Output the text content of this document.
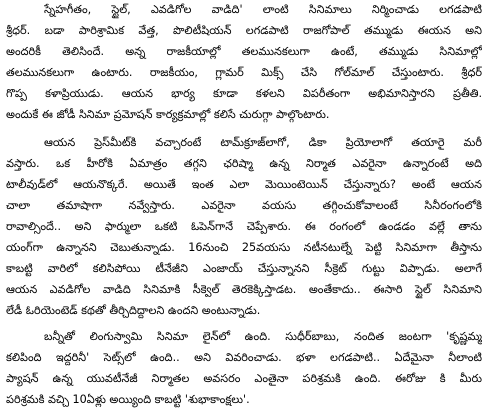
స్నేహగీతం, స్టైల్, ఎవడిగోల వాడిది' లాంటి సినిమాలు నిర్మించాడు లగడపాటి
శ్రీధర్. బడా పారిశ్రామిక వేత్త, పొలిటీషియన్ లగడపాటి రాజగోపాల్ తమ్ముడు ఈయన అని
అందరికీ తెలిసిందే. అన్న రాజకీయాల్లో తలమునకలుగా ఉంటే, తమ్ముడు సినిమాల్లో
తలమునకలుగా ఉంటారు. రాజకీయం, గ్లామర్ మిక్స్ చేసి గోల్‌మాల్ చేస్తుంటారు. శ్రీధర్
గొప్ప కళాప్రియుడు. ఆయన భార్య కూడా కళలని విపరీతంగా అభిమానిస్తారని ప్రతీతి.
అందుకే ఈ జోడీ సినిమా ప్రమోషన్ కార్యక్రమాల్లో కలిసే చురుగ్గా పాల్గొంటారు.
ఆయన ప్రెస్‌మీట్‌కి వచ్చారంటే టామ్‌క్రూజ్‌లాగో, డికా ప్రియోలాగో తయారై మరీ
వస్తారు. ఒక హీరోకి ఏమాత్రం తగ్గని ఛరిష్మా ఉన్న నిర్మాత ఎవరైనా ఉన్నారంటే అది
టాలీవుడ్‌లో ఆయనొక్కరే. అయితే ఇంత ఎలా మెయింటెయిన్ చేస్తున్నారు? అంటే ఆయన
చాలా తమాషాగా నవ్వేస్తారు. ఎవరైనా వయసు తగ్గించుకోవాలంటే సినీరంగంలోకి
రావాల్సిందే.. అని ఫార్ములా ఒకటి ఓపెన్‌గానే చెప్పేశారు. ఈ రంగంలో ఉండడం వల్లే తాను
యంగ్‌గా ఉన్నానని చెబుతున్నాడు. 16నుంచి 25వయసు నటీనటుల్నే పెట్టి సినిమాగా తీస్తాను
కాబట్టి వారిలో కలిసిపోయి టీనేజీని ఎంజాయ్ చేస్తున్నానని సీక్రెట్ గుట్టు విప్పాడు. అలాగే
ఆయన ఎవడిగోల వాడిది సినిమాకి సీక్వెల్ తెరకెక్కిస్తాడట. అంతేకాదు.. ఈసారి స్టైల్ సినిమాని
లేడీ ఓరియెంటెడ్ కథతో తీర్చిదిద్దాలని ఉందని అంటున్నాడు.
బన్నీతో లింగుస్వామి సినిమా లైన్‌లో ఉంది. సుధీర్‌బాబు, నందిత జంటగా 'కృష్ణమ్మ
కలిపింది ఇద్దరినీ' సెట్స్‌లో ఉంది.. అని వివరించాడు. భళా లగడపాటి.. ఏదేమైనా నీలాంటి
ప్యాషన్ ఉన్న యువటీనేజీ నిర్మాతల అవసరం ఎంతైనా పరిశ్రమకి ఉంది. ఈరోజు కి మీరు
పరిశ్రమకి వచ్చి 10ఏళ్లు అయ్యింది కాబట్టి 'శుభాకాంక్షలు'.
